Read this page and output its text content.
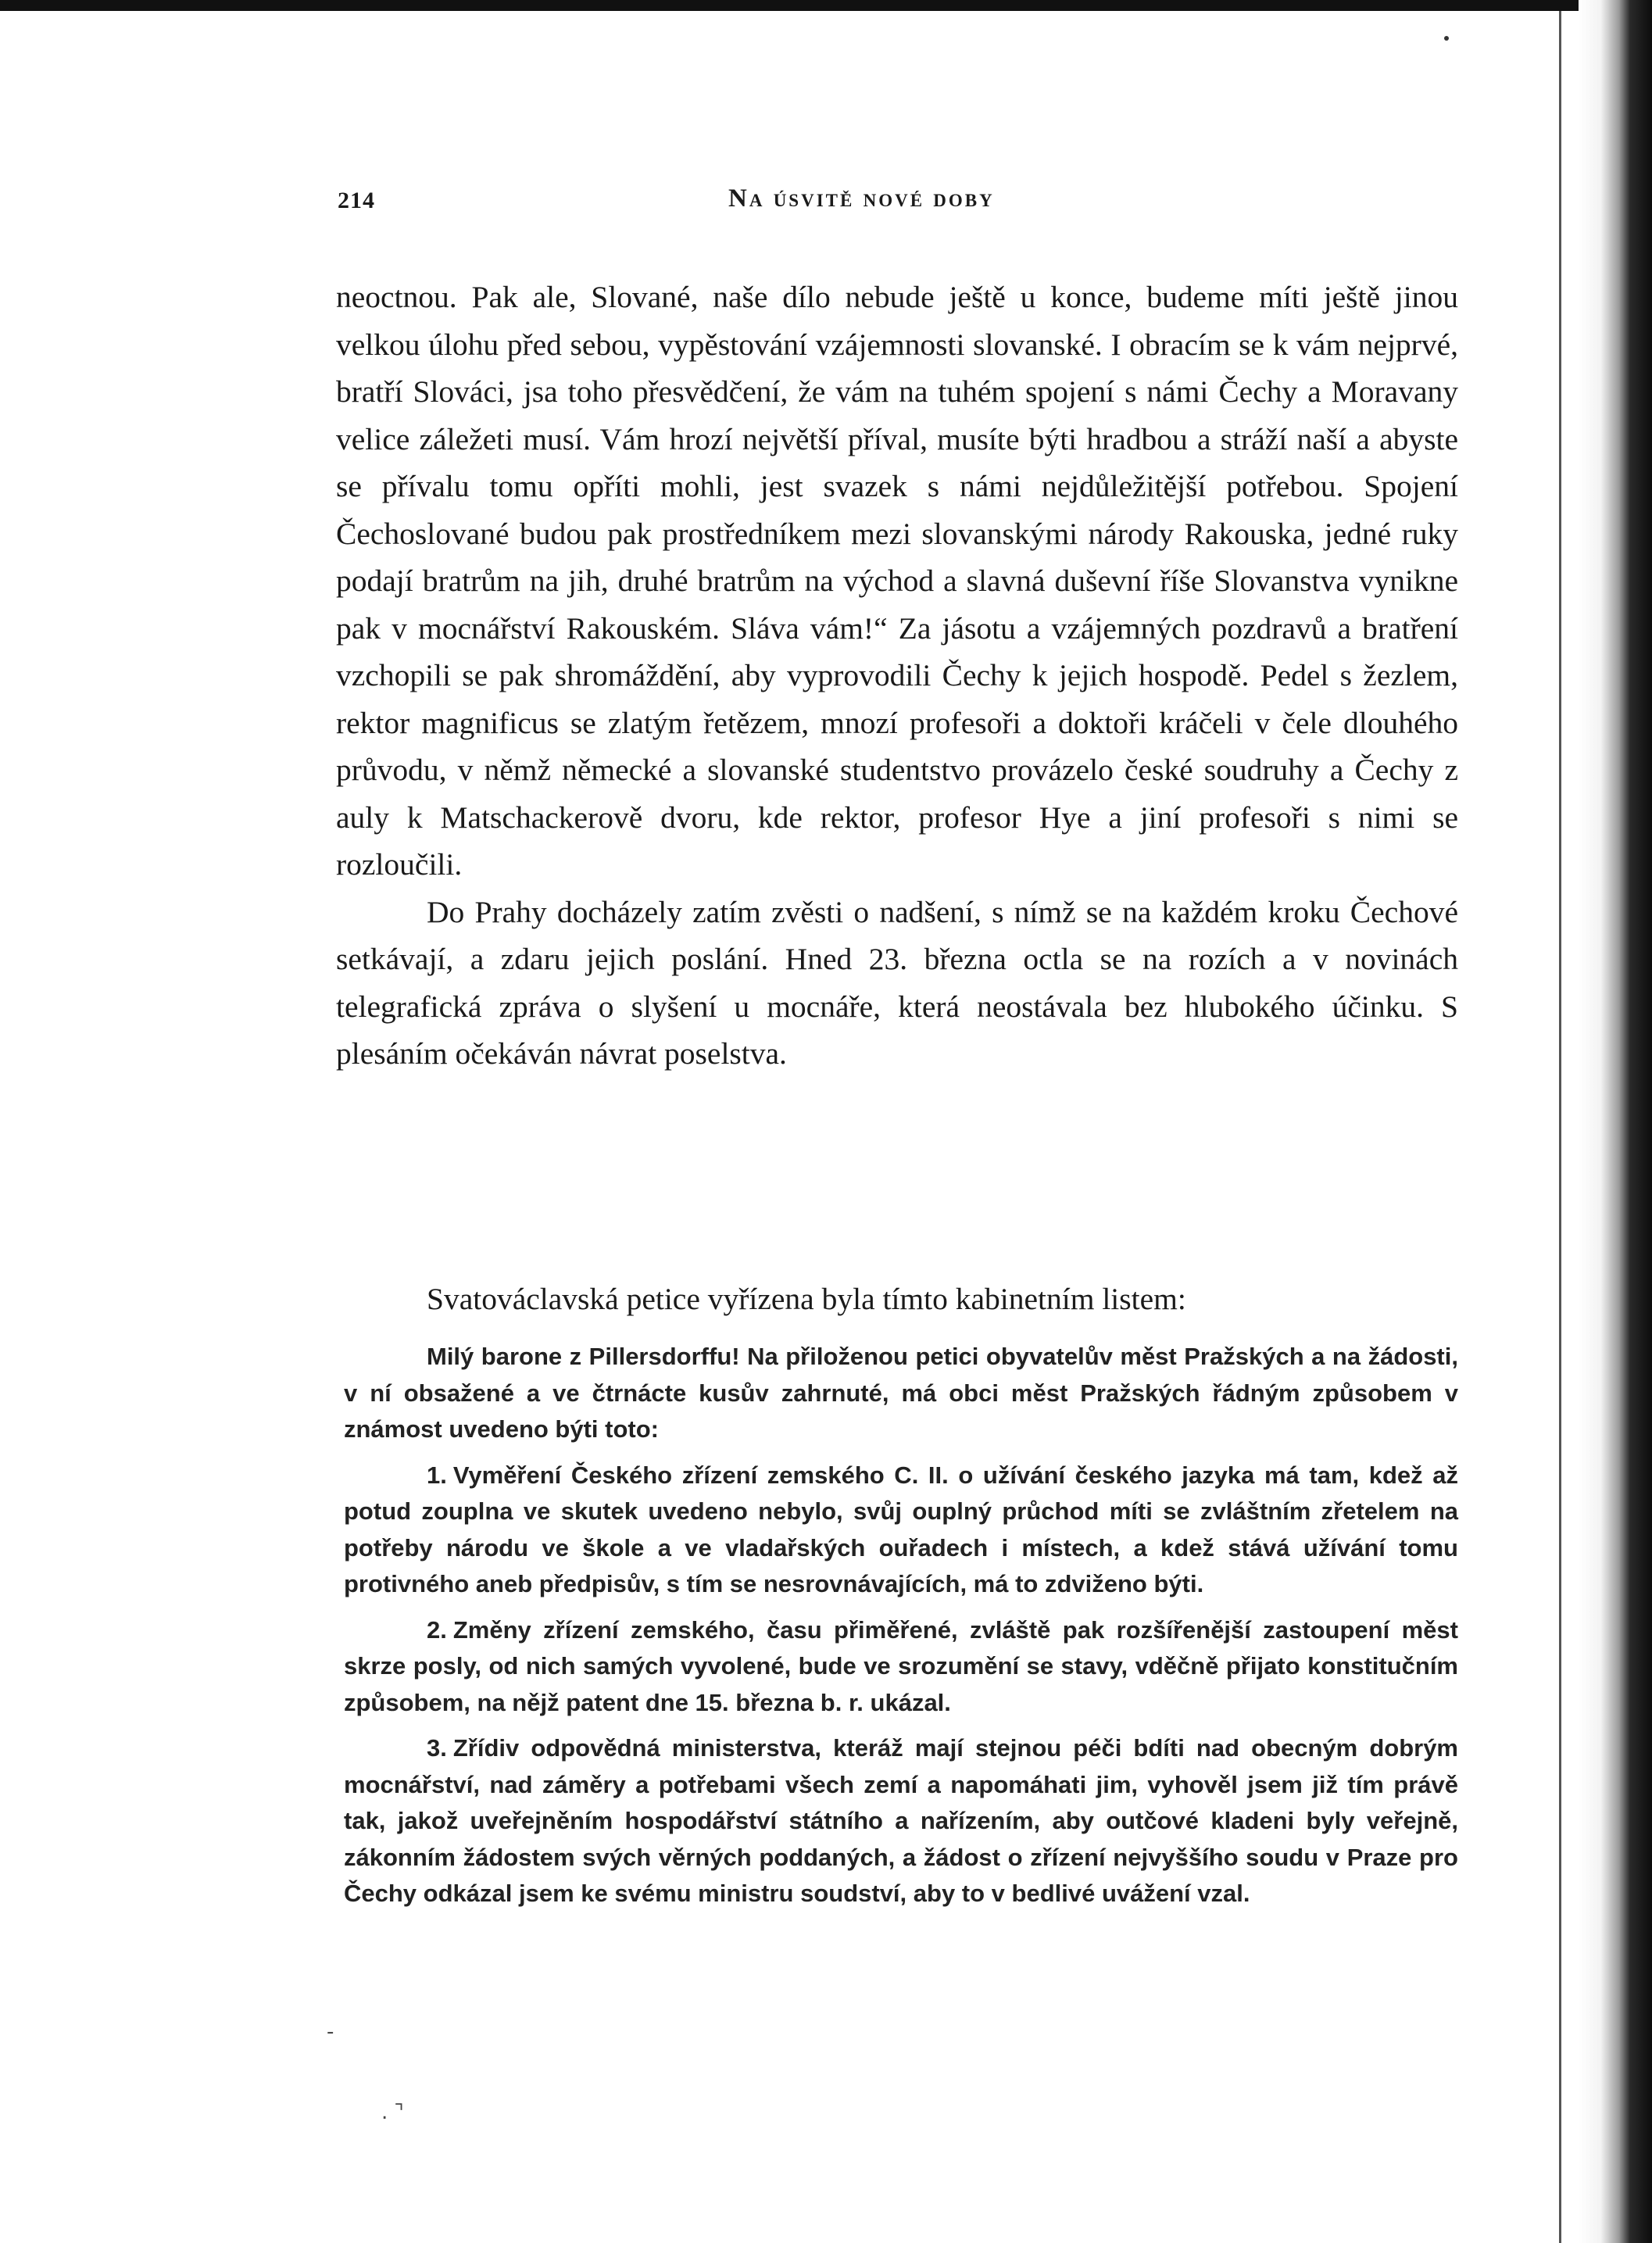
-
. ⌝
214	Na úsvitě nové doby

neoctnou. Pak ale, Slované, naše dílo nebude ještě u konce, budeme míti ještě jinou velkou úlohu před sebou, vypěstování vzájemnosti slovanské. I obracím se k vám nejprvé, bratří Slováci, jsa toho přesvědčení, že vám na tuhém spojení s námi Čechy a Moravany velice záležeti musí. Vám hrozí největší příval, musíte býti hradbou a stráží naší a abyste se přívalu tomu opříti mohli, jest svazek s námi nejdůležitější potřebou. Spojení Čechoslované budou pak prostředníkem mezi slovanskými národy Rakouska, jedné ruky podají bratrům na jih, druhé bratrům na východ a slavná duševní říše Slovanstva vynikne pak v mocnářství Rakouském. Sláva vám!“ Za jásotu a vzájemných pozdravů a bratření vzchopili se pak shromáždění, aby vyprovodili Čechy k jejich hospodě. Pedel s žezlem, rektor magnificus se zlatým řetězem, mnozí profesoři a doktoři kráčeli v čele dlouhého průvodu, v němž německé a slovanské studentstvo provázelo české soudruhy a Čechy z auly k Matschackerově dvoru, kde rektor, profesor Hye a jiní profesoři s nimi se rozloučili.

Do Prahy docházely zatím zvěsti o nadšení, s nímž se na každém kroku Čechové setkávají, a zdaru jejich poslání. Hned 23. března octla se na rozích a v novinách telegrafická zpráva o slyšení u mocnáře, která neostávala bez hlubokého účinku. S plesáním očekáván návrat poselstva.

Svatováclavská petice vyřízena byla tímto kabinetním listem:

Milý barone z Pillersdorffu! Na přiloženou petici obyvatelův měst Pražských a na žádosti, v ní obsažené a ve čtrnácte kusův zahrnuté, má obci měst Pražských řádným způsobem v známost uvedeno býti toto:

1. Vyměření Českého zřízení zemského C. II. o užívání českého jazyka má tam, kdež až potud zouplna ve skutek uvedeno nebylo, svůj ouplný průchod míti se zvláštním zřetelem na potřeby národu ve škole a ve vladařských ouřadech i místech, a kdež stává užívání tomu protivného aneb předpisův, s tím se nesrovnávajících, má to zdviženo býti.

2. Změny zřízení zemského, času přiměřené, zvláště pak rozšířenější zastoupení měst skrze posly, od nich samých vyvolené, bude ve srozumění se stavy, vděčně přijato konstitučním způsobem, na nějž patent dne 15. března b. r. ukázal.

3. Zřídiv odpovědná ministerstva, kteráž mají stejnou péči bdíti nad obecným dobrým mocnářství, nad záměry a potřebami všech zemí a napomáhati jim, vyhověl jsem již tím právě tak, jakož uveřejněním hospodářství státního a nařízením, aby outčové kladeni byly veřejně, zákonním žádostem svých věrných poddaných, a žádost o zřízení nejvyššího soudu v Praze pro Čechy odkázal jsem ke svému ministru soudství, aby to v bedlivé uvážení vzal.
